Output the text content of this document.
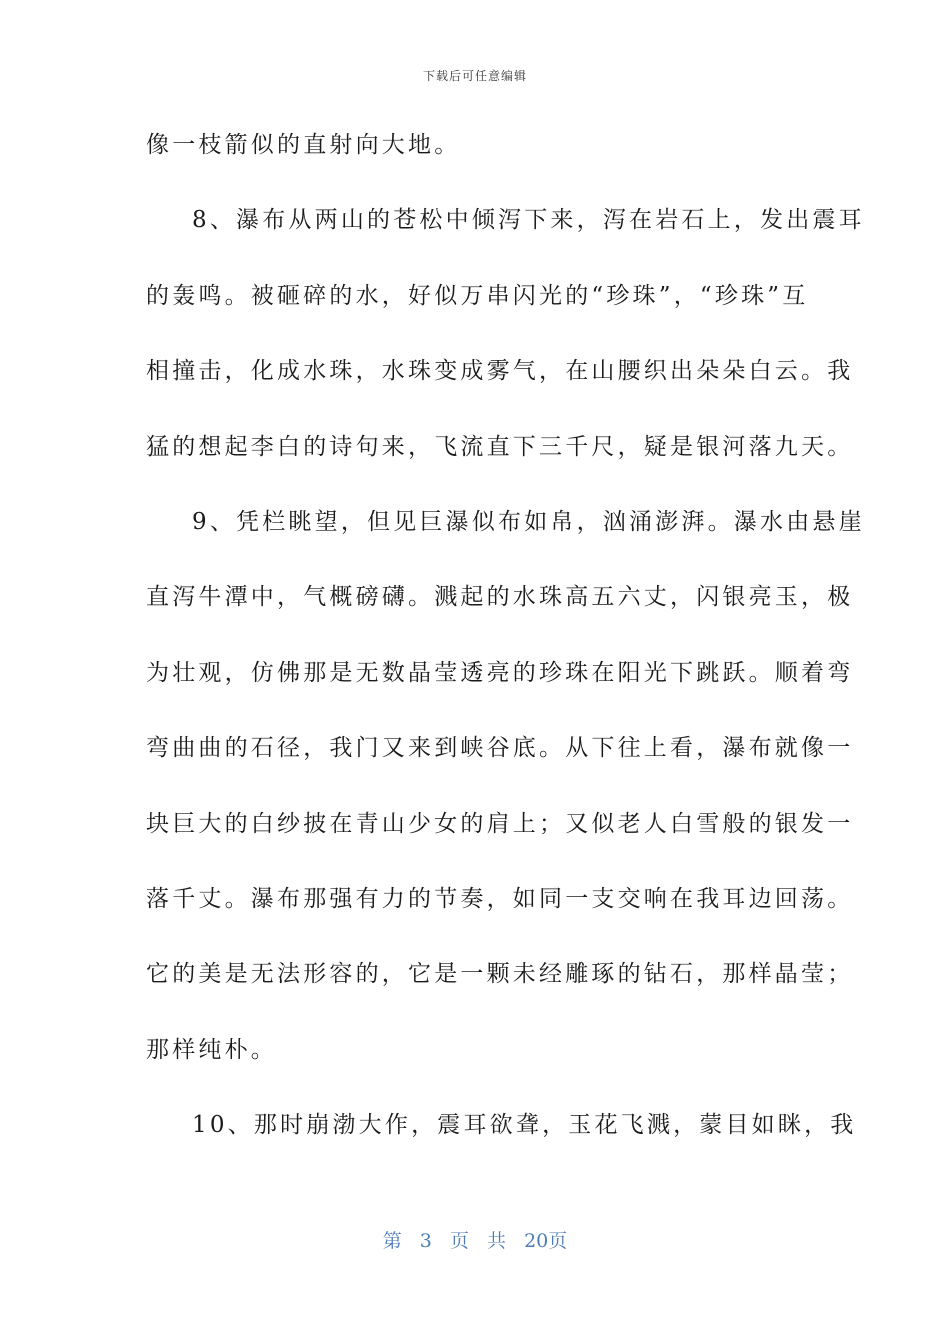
下载后可任意编辑
像一枝箭似的直射向大地。
8、瀑布从两山的苍松中倾泻下来，泻在岩石上，发出震耳
的轰鸣。被砸碎的水，好似万串闪光的“珍珠”，“珍珠”互
相撞击，化成水珠，水珠变成雾气，在山腰织出朵朵白云。我
猛的想起李白的诗句来，飞流直下三千尺，疑是银河落九天。
9、凭栏眺望，但见巨瀑似布如帛，汹涌澎湃。瀑水由悬崖
直泻牛潭中，气概磅礴。溅起的水珠高五六丈，闪银亮玉，极
为壮观，仿佛那是无数晶莹透亮的珍珠在阳光下跳跃。顺着弯
弯曲曲的石径，我门又来到峡谷底。从下往上看，瀑布就像一
块巨大的白纱披在青山少女的肩上；又似老人白雪般的银发一
落千丈。瀑布那强有力的节奏，如同一支交响在我耳边回荡。
它的美是无法形容的，它是一颗未经雕琢的钻石，那样晶莹；
那样纯朴。
10、那时崩渤大作，震耳欲聋，玉花飞溅，蒙目如眯，我
第 3 页 共 20页
